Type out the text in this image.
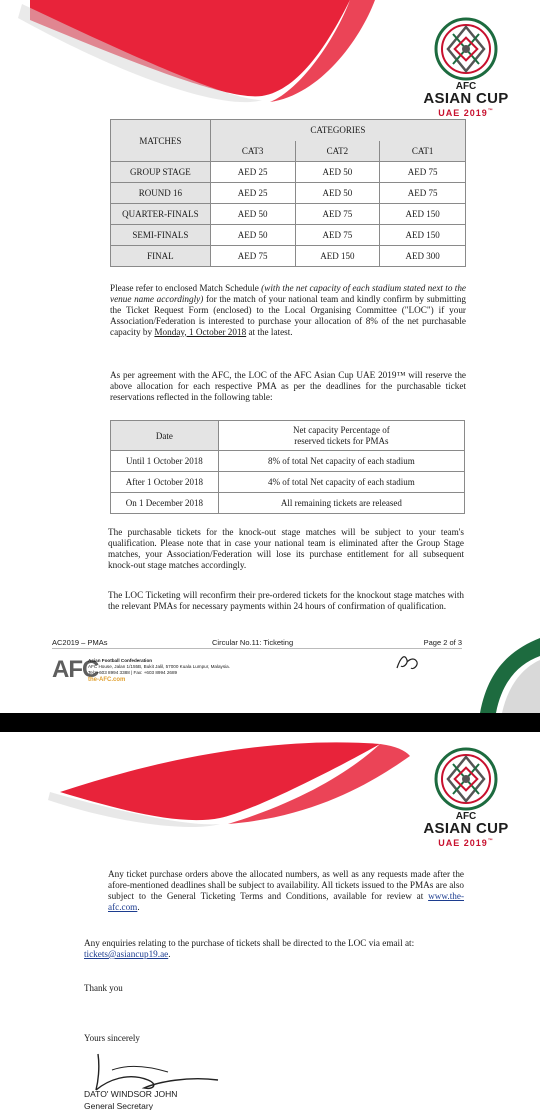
AFC
ASIAN CUP
UAE 2019™
MATCHES	CATEGORIES		
	CAT3	CAT2	CAT1
GROUP STAGE	AED 25	AED 50	AED 75
ROUND 16	AED 25	AED 50	AED 75
QUARTER-FINALS	AED 50	AED 75	AED 150
SEMI-FINALS	AED 50	AED 75	AED 150
FINAL	AED 75	AED 150	AED 300
Please refer to enclosed Match Schedule (with the net capacity of each stadium stated next to the venue name accordingly) for the match of your national team and kindly confirm by submitting the Ticket Request Form (enclosed) to the Local Organising Committee ("LOC") if your Association/Federation is interested to purchase your allocation of 8% of the net purchasable capacity by Monday, 1 October 2018 at the latest.
As per agreement with the AFC, the LOC of the AFC Asian Cup UAE 2019™ will reserve the above allocation for each respective PMA as per the deadlines for the purchasable ticket reservations reflected in the following table:
Date	Net capacity Percentage of
reserved tickets for PMAs

Until 1 October 2018	8% of total Net capacity of each stadium
After 1 October 2018	4% of total Net capacity of each stadium
On 1 December 2018	All remaining tickets are released
The purchasable tickets for the knock-out stage matches will be subject to your team's qualification. Please note that in case your national team is eliminated after the Group Stage matches, your Association/Federation will lose its purchase entitlement for all subsequent knock-out stage matches accordingly.
The LOC Ticketing will reconfirm their pre-ordered tickets for the knockout stage matches with the relevant PMAs for necessary payments within 24 hours of confirmation of qualification.
AC2019 – PMAs	Circular No.11: Ticketing	Page 2 of 3
AFC
Asian Football Confederation
AFC House, Jalan 1/155B, Bukit Jalil, 57000 Kuala Lumpur, Malaysia.
Tel: +603 8994 3388 | Fax: +603 8994 2689
the-AFC.com
AFC
ASIAN CUP
UAE 2019™
Any ticket purchase orders above the allocated numbers, as well as any requests made after the afore-mentioned deadlines shall be subject to availability. All tickets issued to the PMAs are also subject to the General Ticketing Terms and Conditions, available for review at www.the-afc.com.
Any enquiries relating to the purchase of tickets shall be directed to the LOC via email at:
tickets@asiancup19.ae.
Thank you
Yours sincerely
DATO' WINDSOR JOHN
General Secretary
